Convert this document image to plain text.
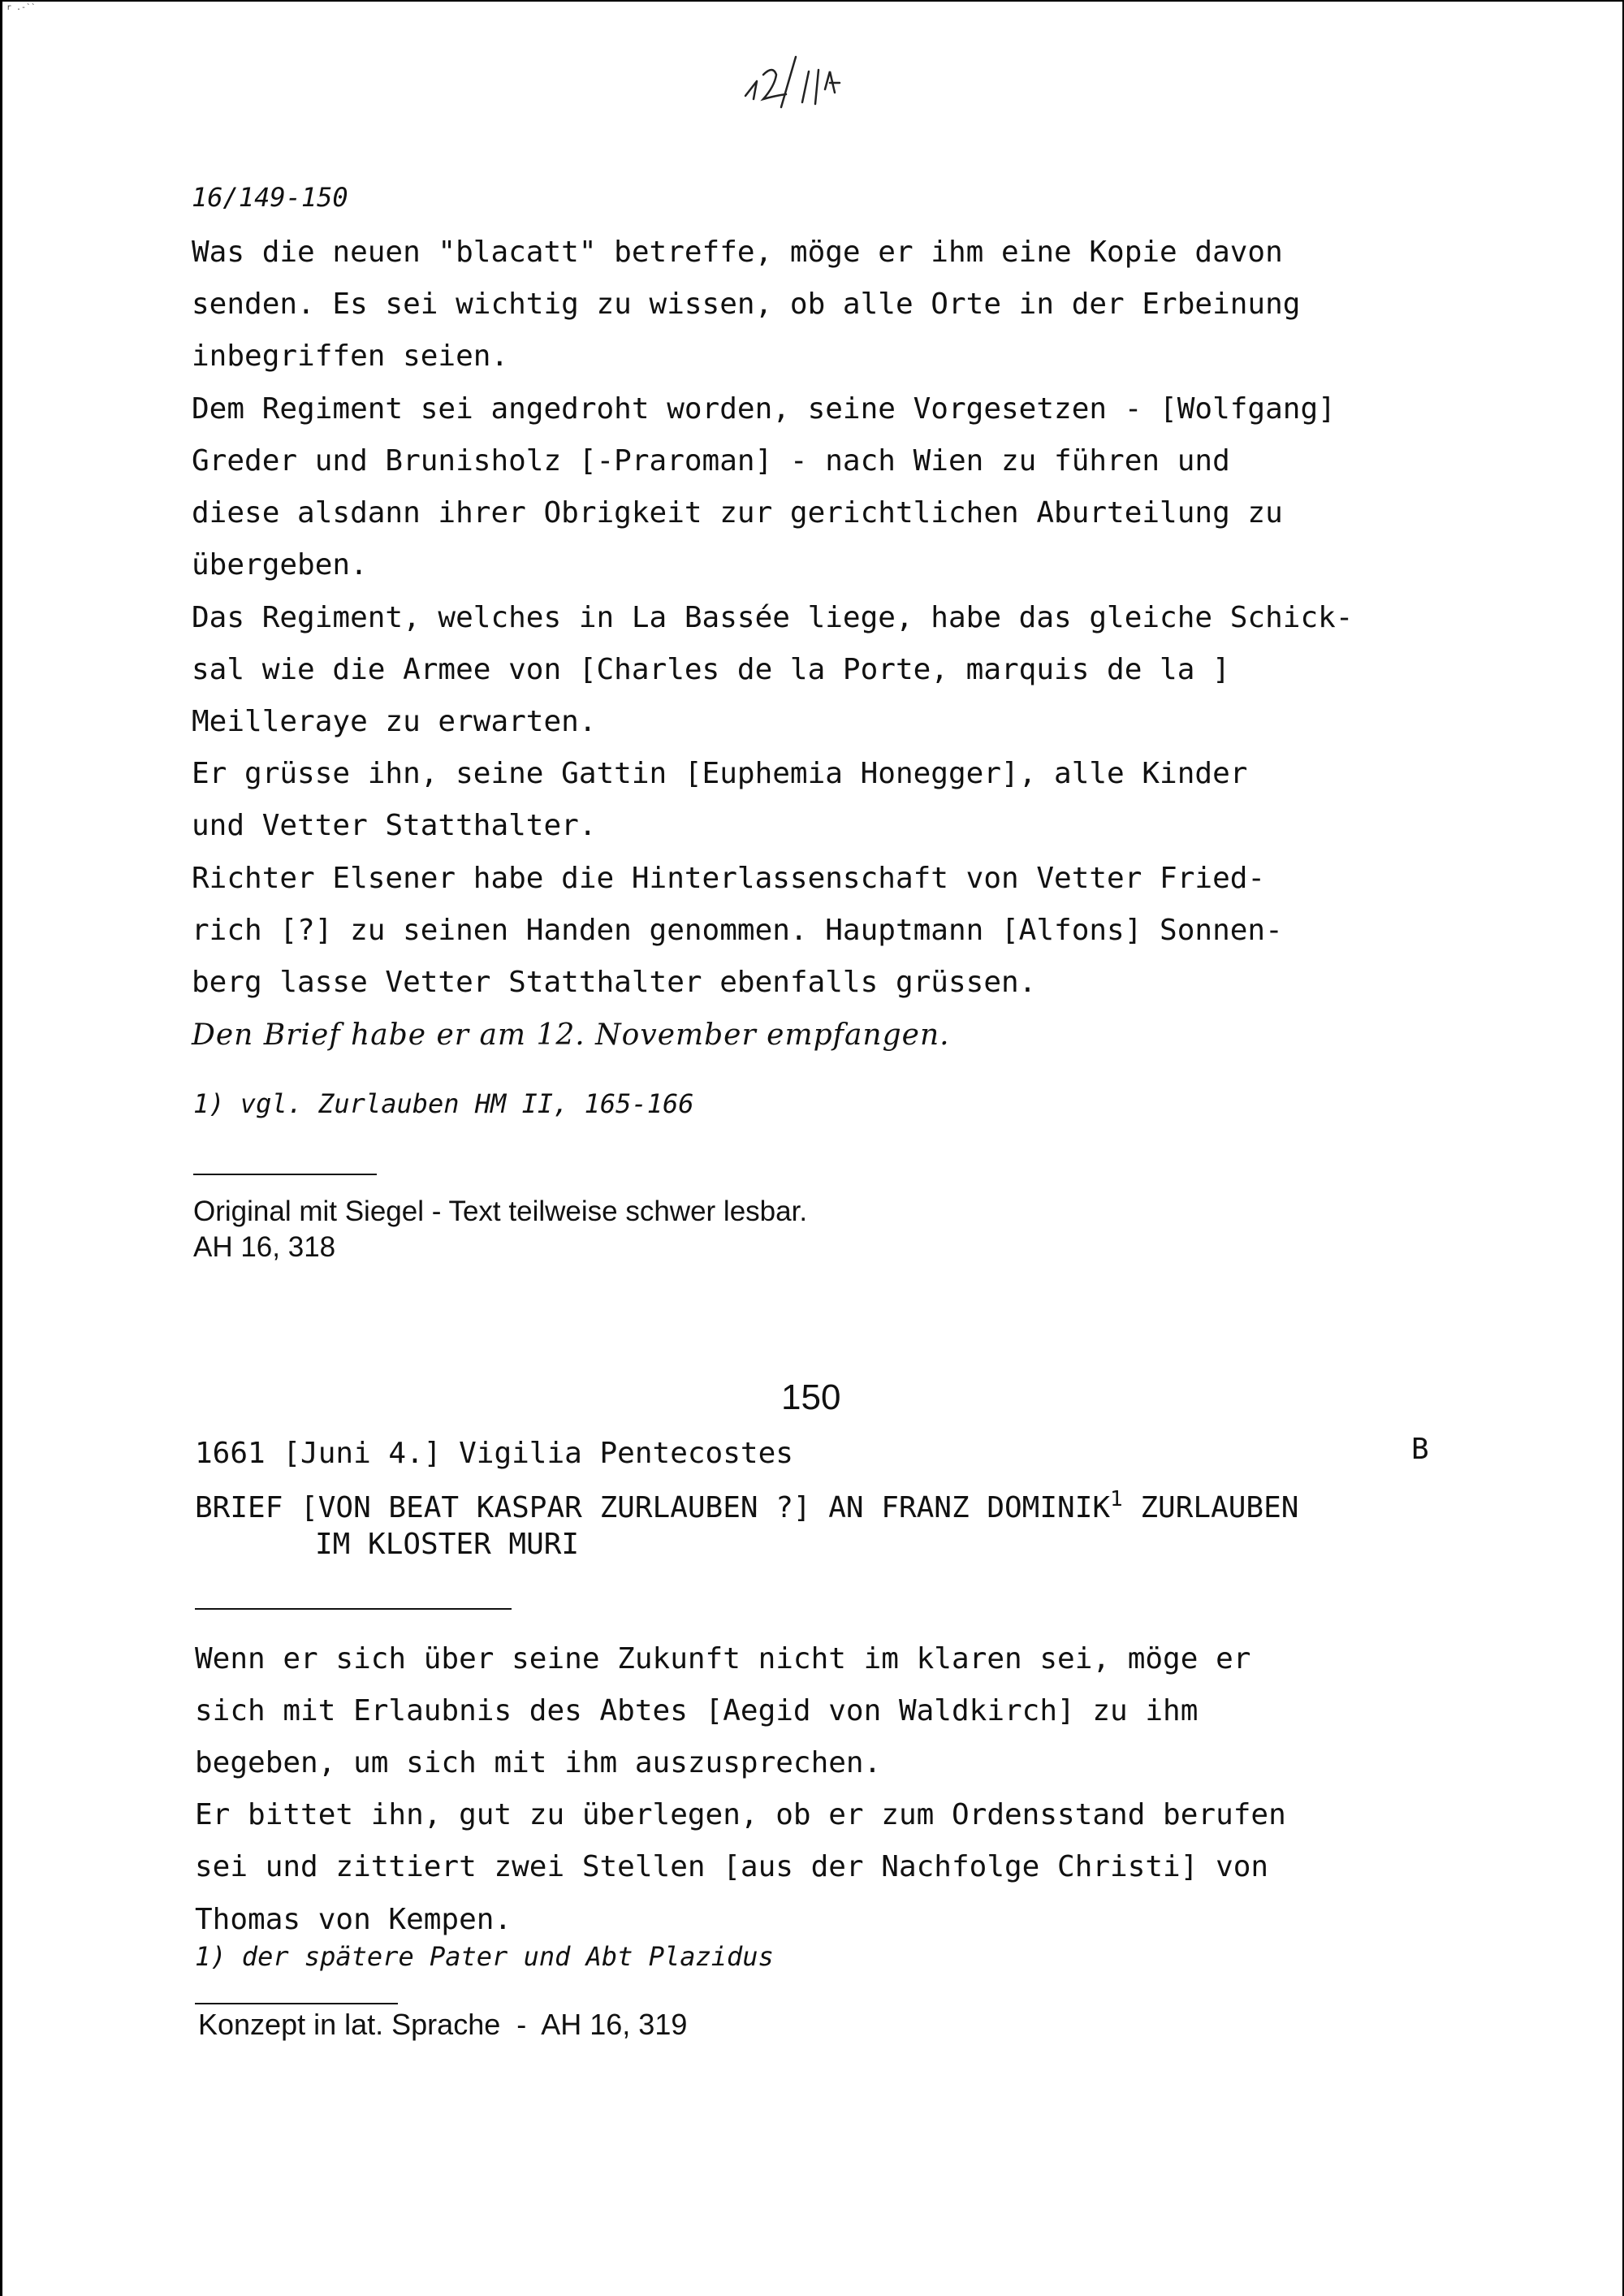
r .-``
16/149-150
Was die neuen "blacatt" betreffe, möge er ihm eine Kopie davon
senden. Es sei wichtig zu wissen, ob alle Orte in der Erbeinung
inbegriffen seien.
Dem Regiment sei angedroht worden, seine Vorgesetzen - [Wolfgang]
Greder und Brunisholz [-Praroman] - nach Wien zu führen und
diese alsdann ihrer Obrigkeit zur gerichtlichen Aburteilung zu
übergeben.
Das Regiment, welches in La Bassée liege, habe das gleiche Schick-
sal wie die Armee von [Charles de la Porte, marquis de la ]
Meilleraye zu erwarten.
Er grüsse ihn, seine Gattin [Euphemia Honegger], alle Kinder
und Vetter Statthalter.
Richter Elsener habe die Hinterlassenschaft von Vetter Fried-
rich [?] zu seinen Handen genommen. Hauptmann [Alfons] Sonnen-
berg lasse Vetter Statthalter ebenfalls grüssen.
Den Brief habe er am 12. November empfangen.
1) vgl. Zurlauben HM II, 165-166
Original mit Siegel - Text teilweise schwer lesbar.
AH 16, 318
150
1661 [Juni 4.] Vigilia Pentecostes	B
BRIEF [VON BEAT KASPAR ZURLAUBEN ?] AN FRANZ DOMINIK$^1$ ZURLAUBEN
IM KLOSTER MURI
Wenn er sich über seine Zukunft nicht im klaren sei, möge er
sich mit Erlaubnis des Abtes [Aegid von Waldkirch] zu ihm
begeben, um sich mit ihm auszusprechen.
Er bittet ihn, gut zu überlegen, ob er zum Ordensstand berufen
sei und zittiert zwei Stellen [aus der Nachfolge Christi] von
Thomas von Kempen.
1) der spätere Pater und Abt Plazidus
Konzept in lat. Sprache  -  AH 16, 319
